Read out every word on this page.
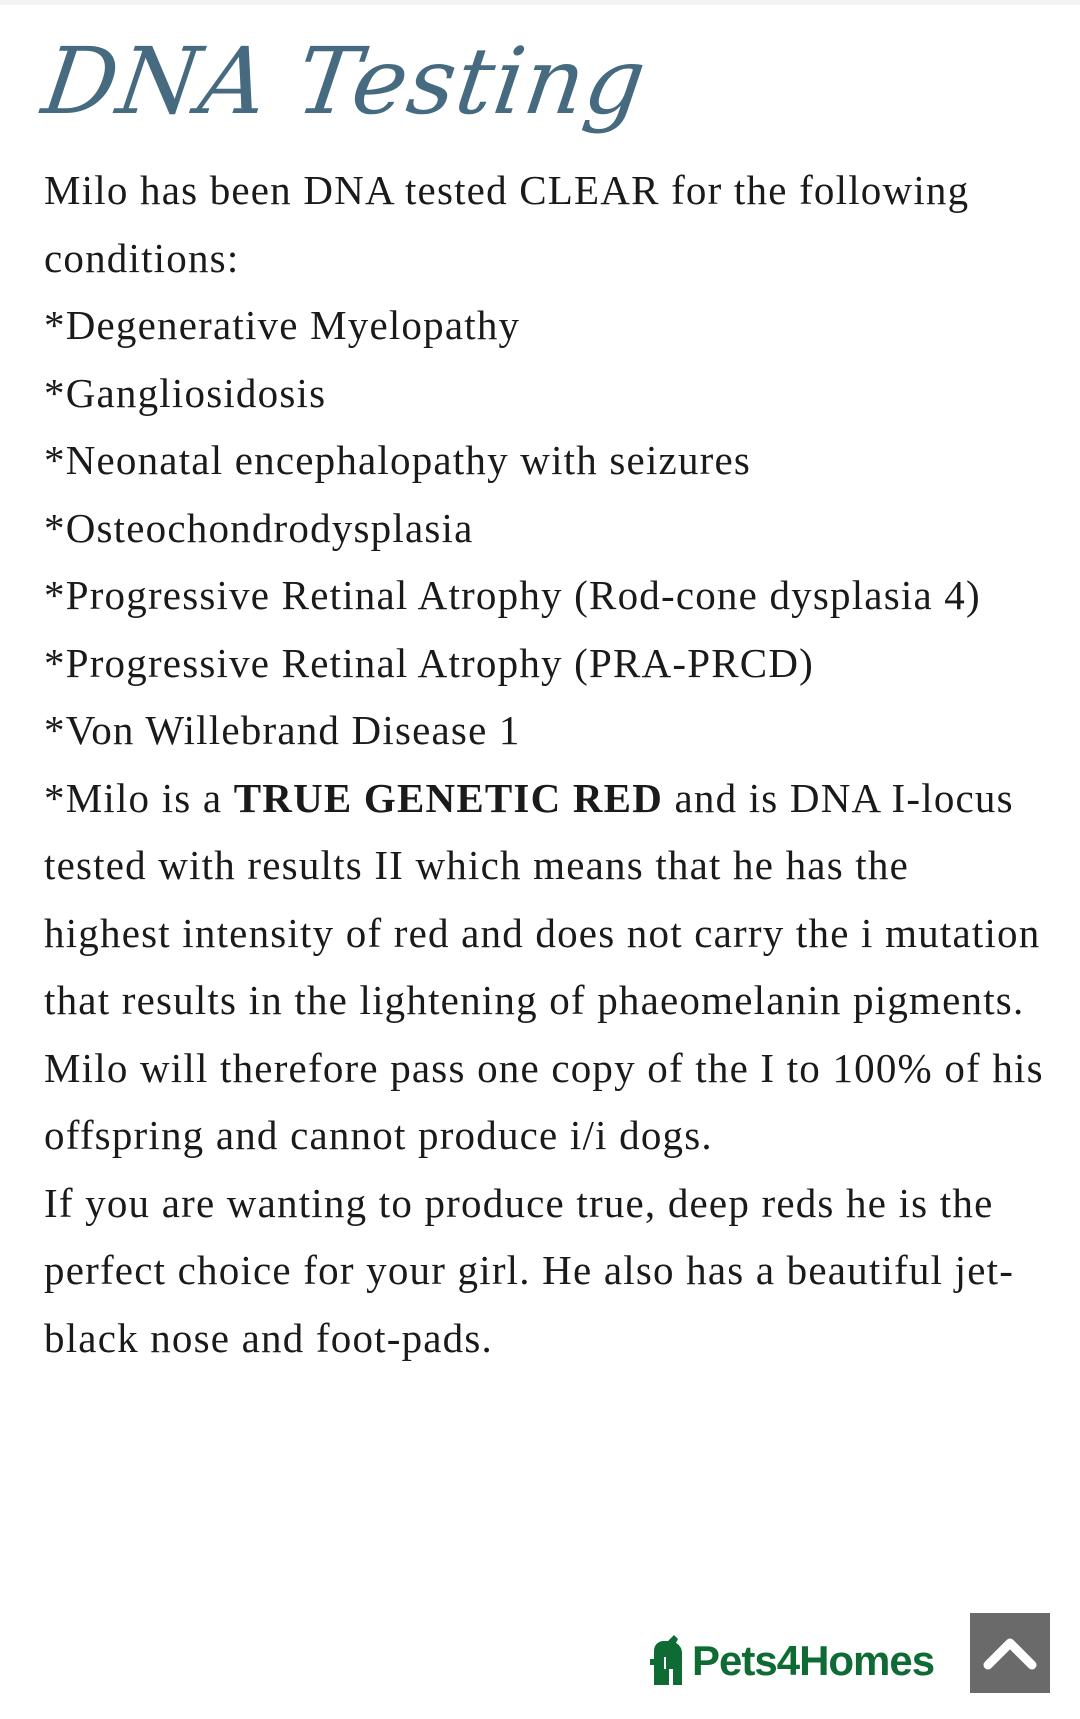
DNA Testing

Milo has been DNA tested CLEAR for the following conditions:

*Degenerative Myelopathy

*Gangliosidosis

*Neonatal encephalopathy with seizures

*Osteochondrodysplasia

*Progressive Retinal Atrophy (Rod-cone dysplasia 4)

*Progressive Retinal Atrophy (PRA-PRCD)

*Von Willebrand Disease 1

*Milo is a TRUE GENETIC RED and is DNA I-locus tested with results II which means that he has the highest intensity of red and does not carry the i mutation that results in the lightening of phaeomelanin pigments.

Milo will therefore pass one copy of the I to 100% of his offspring and cannot produce i/i dogs.

If you are wanting to produce true, deep reds he is the perfect choice for your girl. He also has a beautiful jet-black nose and foot-pads.

Pets4Homes
